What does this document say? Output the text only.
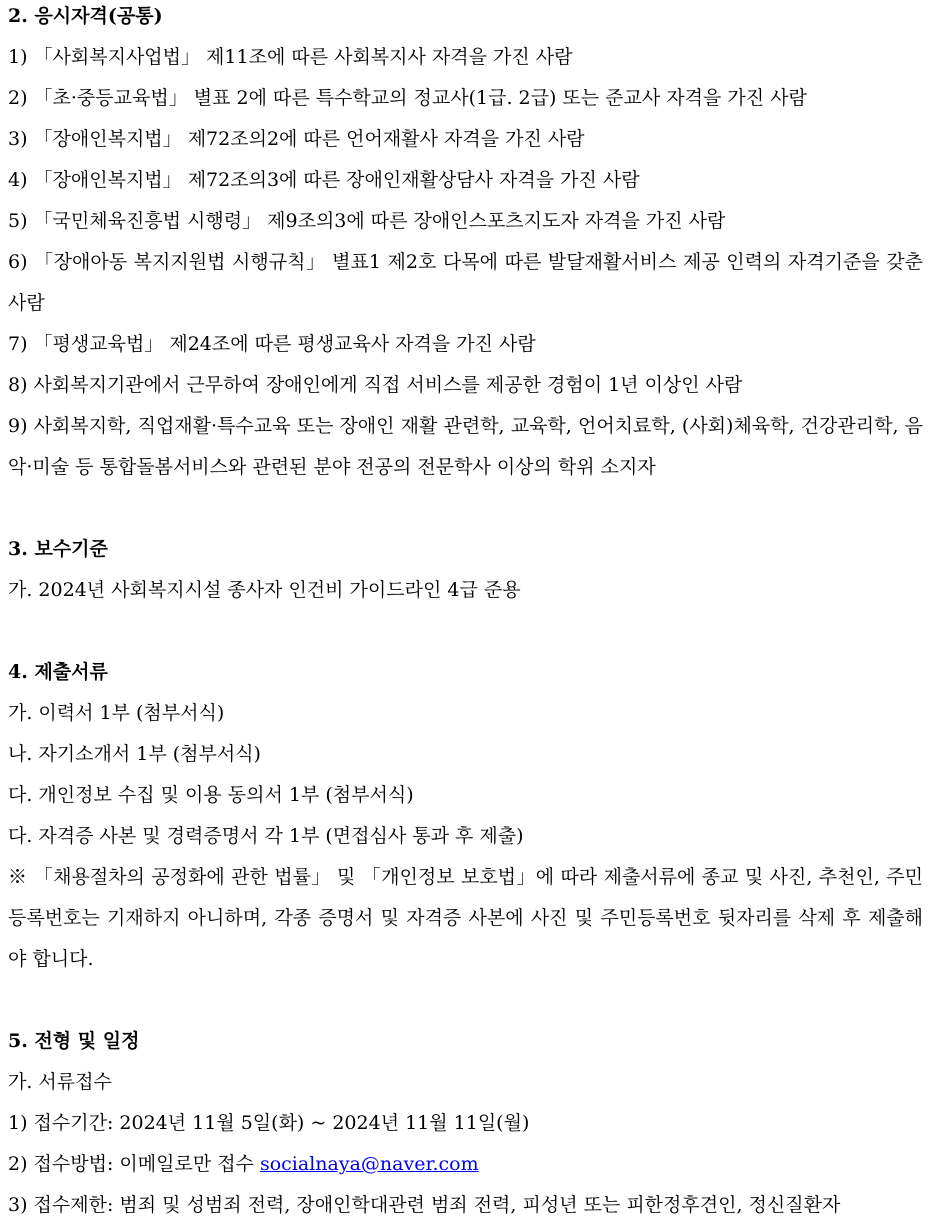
2. 응시자격(공통)
1) 「사회복지사업법」 제11조에 따른 사회복지사 자격을 가진 사람
2) 「초·중등교육법」 별표 2에 따른 특수학교의 정교사(1급. 2급) 또는 준교사 자격을 가진 사람
3) 「장애인복지법」 제72조의2에 따른 언어재활사 자격을 가진 사람
4) 「장애인복지법」 제72조의3에 따른 장애인재활상담사 자격을 가진 사람
5) 「국민체육진흥법 시행령」 제9조의3에 따른 장애인스포츠지도자 자격을 가진 사람
6) 「장애아동 복지지원법 시행규칙」 별표1 제2호 다목에 따른 발달재활서비스 제공 인력의 자격기준을 갖춘 사람
7) 「평생교육법」 제24조에 따른 평생교육사 자격을 가진 사람
8) 사회복지기관에서 근무하여 장애인에게 직접 서비스를 제공한 경험이 1년 이상인 사람
9) 사회복지학, 직업재활·특수교육 또는 장애인 재활 관련학, 교육학, 언어치료학, (사회)체육학, 건강관리학, 음악·미술 등 통합돌봄서비스와 관련된 분야 전공의 전문학사 이상의 학위 소지자
3. 보수기준
가. 2024년 사회복지시설 종사자 인건비 가이드라인 4급 준용
4. 제출서류
가. 이력서 1부 (첨부서식)
나. 자기소개서 1부 (첨부서식)
다. 개인정보 수집 및 이용 동의서 1부 (첨부서식)
다. 자격증 사본 및 경력증명서 각 1부 (면접심사 통과 후 제출)
※ 「채용절차의 공정화에 관한 법률」 및 「개인정보 보호법」에 따라 제출서류에 종교 및 사진, 추천인, 주민등록번호는 기재하지 아니하며, 각종 증명서 및 자격증 사본에 사진 및 주민등록번호 뒷자리를 삭제 후 제출해야 합니다.
5. 전형 및 일정
가. 서류접수
1) 접수기간: 2024년 11월 5일(화) ~ 2024년 11월 11일(월)
2) 접수방법: 이메일로만 접수 socialnaya@naver.com
3) 접수제한: 범죄 및 성범죄 전력, 장애인학대관련 범죄 전력, 피성년 또는 피한정후견인, 정신질환자
